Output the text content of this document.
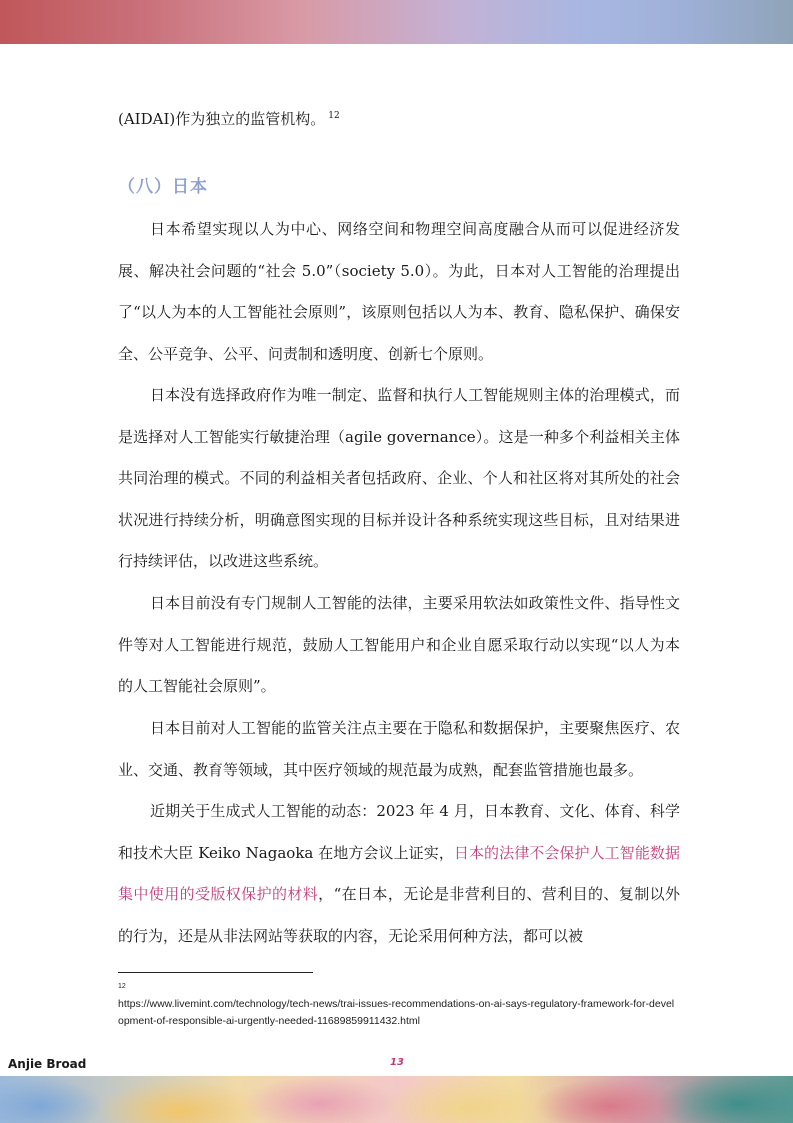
(AIDAI)作为独立的监管机构。 $^{12}$

（八）日本

日本希望实现以人为中心、网络空间和物理空间高度融合从而可以促进经济发展、解决社会问题的“社会 5.0”（society 5.0）。为此，日本对人工智能的治理提出了“以人为本的人工智能社会原则”，该原则包括以人为本、教育、隐私保护、确保安全、公平竞争、公平、问责制和透明度、创新七个原则。

日本没有选择政府作为唯一制定、监督和执行人工智能规则主体的治理模式，而是选择对人工智能实行敏捷治理（agile governance）。这是一种多个利益相关主体共同治理的模式。不同的利益相关者包括政府、企业、个人和社区将对其所处的社会状况进行持续分析，明确意图实现的目标并设计各种系统实现这些目标，且对结果进行持续评估，以改进这些系统。

日本目前没有专门规制人工智能的法律，主要采用软法如政策性文件、指导性文件等对人工智能进行规范，鼓励人工智能用户和企业自愿采取行动以实现“以人为本的人工智能社会原则”。

日本目前对人工智能的监管关注点主要在于隐私和数据保护，主要聚焦医疗、农业、交通、教育等领域，其中医疗领域的规范最为成熟，配套监管措施也最多。

近期关于生成式人工智能的动态：2023 年 4 月，日本教育、文化、体育、科学和技术大臣 Keiko Nagaoka 在地方会议上证实，日本的法律不会保护人工智能数据集中使用的受版权保护的材料，“在日本，无论是非营利目的、营利目的、复制以外的行为，还是从非法网站等获取的内容，无论采用何种方法，都可以被

12
https://www.livemint.com/technology/tech-news/trai-issues-recommendations-on-ai-says-regulatory-framework-for-development-of-responsible-ai-urgently-needed-11689859911432.html
Anjie Broad	13
